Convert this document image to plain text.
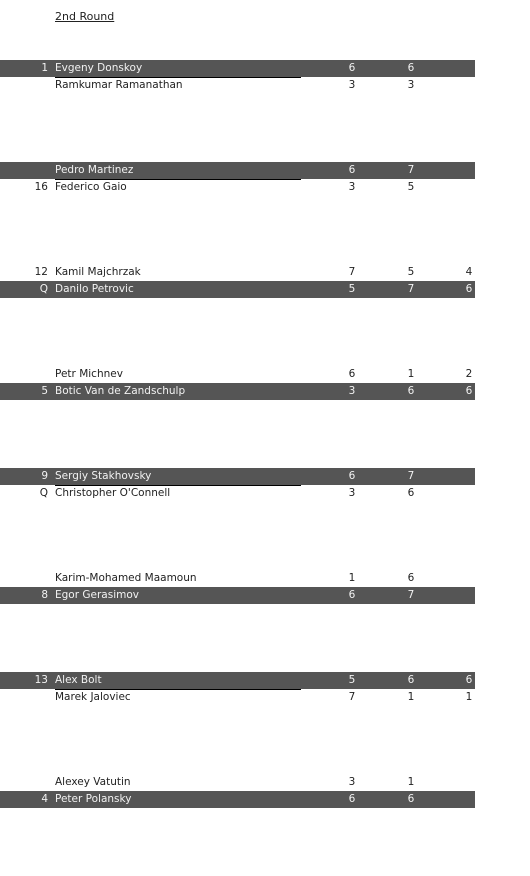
2nd Round
1 Evgeny Donskoy	6	6
Ramkumar Ramanathan	3	3
Pedro Martinez	6	7
16 Federico Gaio	3	5
12 Kamil Majchrzak	7	5	4
Q Danilo Petrovic	5	7	6
Petr Michnev	6	1	2
5 Botic Van de Zandschulp	3	6	6
9 Sergiy Stakhovsky	6	7
Q Christopher O'Connell	3	6
Karim-Mohamed Maamoun	1	6
8 Egor Gerasimov	6	7
13 Alex Bolt	5	6	6
Marek Jaloviec	7	1	1
Alexey Vatutin	3	1
4 Peter Polansky	6	6
